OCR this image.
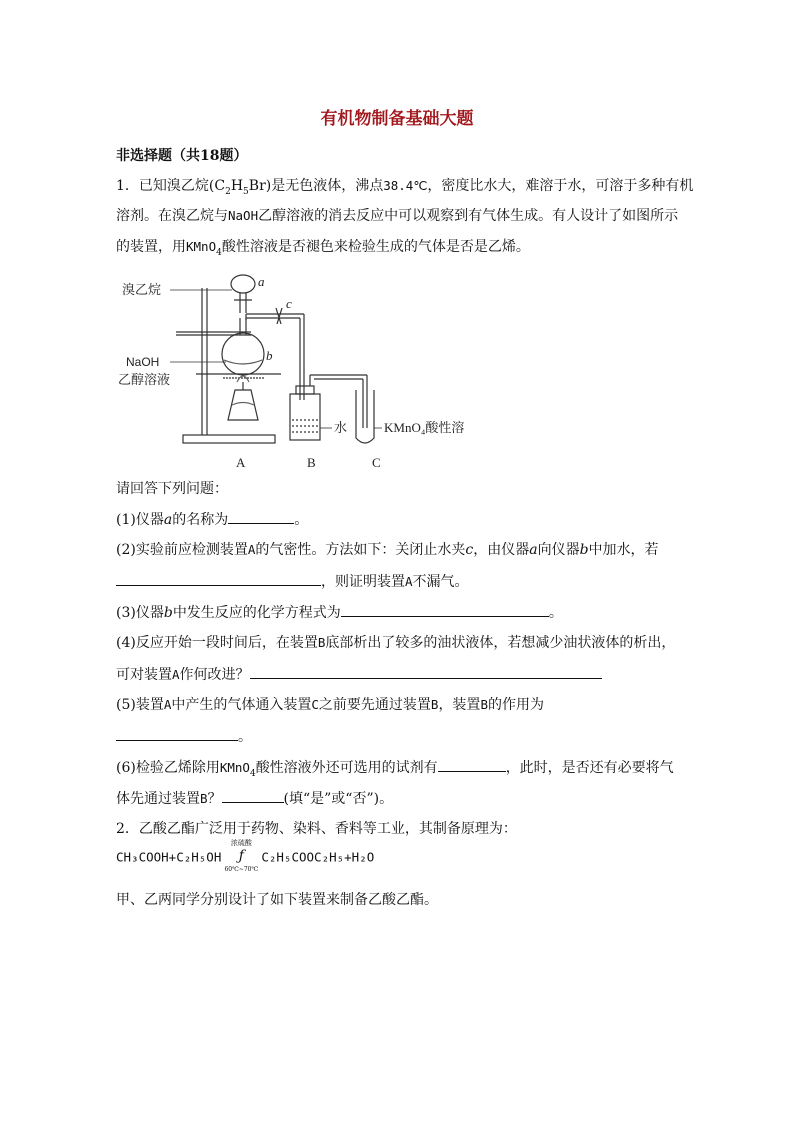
有机物制备基础大题
非选择题（共18题）
1．已知溴乙烷$(C_2H_5Br)$是无色液体，沸点38.4℃，密度比水大，难溶于水，可溶于多种有机
溶剂。在溴乙烷与NaOH乙醇溶液的消去反应中可以观察到有气体生成。有人设计了如图所示
的装置，用KMnO$_4$酸性溶液是否褪色来检验生成的气体是否是乙烯。
溴乙烷
NaOH
乙醇溶液
a
b
c
水	KMnO₄酸性溶
A	B	C
请回答下列问题：
(1)仪器a的名称为	。
(2)实验前应检测装置A的气密性。方法如下：关闭止水夹c，由仪器a向仪器b中加水，若
，则证明装置A不漏气。
(3)仪器b中发生反应的化学方程式为	。
(4)反应开始一段时间后，在装置B底部析出了较多的油状液体，若想减少油状液体的析出，
可对装置A作何改进？
(5)装置A中产生的气体通入装置C之前要先通过装置B，装置B的作用为
。
(6)检验乙烯除用KMnO$_4$酸性溶液外还可选用的试剂有	，此时，是否还有必要将气
体先通过装置B？	(填“是”或“否”)。
2．乙酸乙酯广泛用于药物、染料、香料等工业，其制备原理为：
CH₃COOH+C₂H₅OH
浓硫酸
ƒ
60℃~70℃
C₂H₅COOC₂H₅+H₂O
甲、乙两同学分别设计了如下装置来制备乙酸乙酯。
